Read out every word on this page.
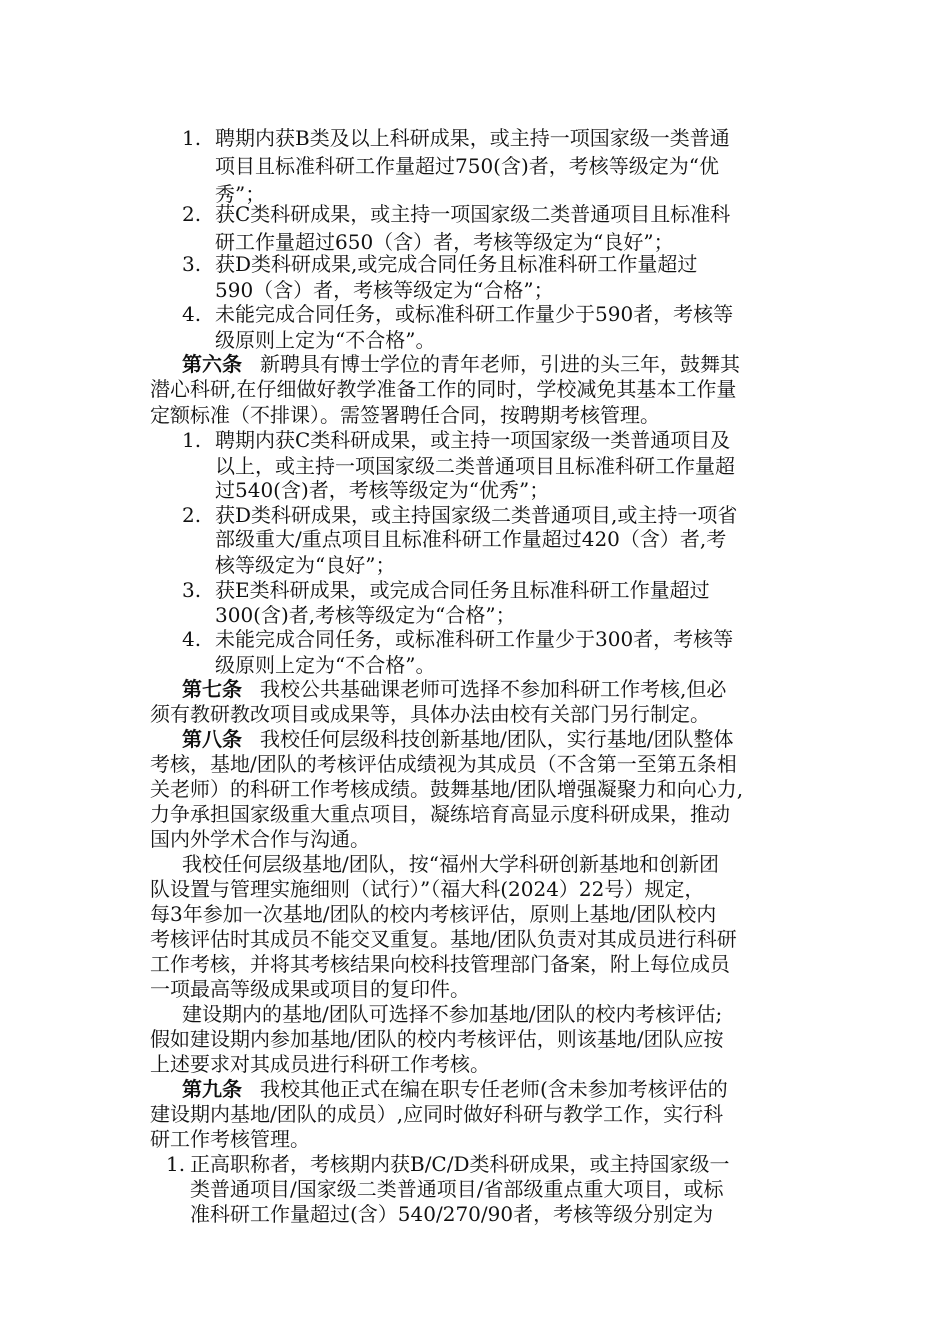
1. 聘期内获B类及以上科研成果，或主持一项国家级一类普通
项目且标准科研工作量超过750(含)者，考核等级定为“优
秀”；
2. 获C类科研成果，或主持一项国家级二类普通项目且标准科
研工作量超过650（含）者，考核等级定为“良好”；
3. 获D类科研成果,或完成合同任务且标准科研工作量超过
590（含）者，考核等级定为“合格”；
4. 未能完成合同任务，或标准科研工作量少于590者，考核等
级原则上定为“不合格”。
第六条 新聘具有博士学位的青年老师，引进的头三年，鼓舞其
潜心科研,在仔细做好教学准备工作的同时，学校减免其基本工作量
定额标准（不排课）。需签署聘任合同，按聘期考核管理。
1. 聘期内获C类科研成果，或主持一项国家级一类普通项目及
以上，或主持一项国家级二类普通项目且标准科研工作量超
过540(含)者，考核等级定为“优秀”；
2. 获D类科研成果，或主持国家级二类普通项目,或主持一项省
部级重大/重点项目且标准科研工作量超过420（含）者,考
核等级定为“良好”；
3. 获E类科研成果，或完成合同任务且标准科研工作量超过
300(含)者,考核等级定为“合格”；
4. 未能完成合同任务，或标准科研工作量少于300者，考核等
级原则上定为“不合格”。
第七条 我校公共基础课老师可选择不参加科研工作考核,但必
须有教研教改项目或成果等，具体办法由校有关部门另行制定。
第八条 我校任何层级科技创新基地/团队，实行基地/团队整体
考核，基地/团队的考核评估成绩视为其成员（不含第一至第五条相
关老师）的科研工作考核成绩。鼓舞基地/团队增强凝聚力和向心力,
力争承担国家级重大重点项目，凝练培育高显示度科研成果，推动
国内外学术合作与沟通。
我校任何层级基地/团队，按“福州大学科研创新基地和创新团
队设置与管理实施细则（试行）”（福大科(2024）22号）规定，
每3年参加一次基地/团队的校内考核评估，原则上基地/团队校内
考核评估时其成员不能交叉重复。基地/团队负责对其成员进行科研
工作考核，并将其考核结果向校科技管理部门备案，附上每位成员
一项最高等级成果或项目的复印件。
建设期内的基地/团队可选择不参加基地/团队的校内考核评估;
假如建设期内参加基地/团队的校内考核评估，则该基地/团队应按
上述要求对其成员进行科研工作考核。
第九条 我校其他正式在编在职专任老师(含未参加考核评估的
建设期内基地/团队的成员）,应同时做好科研与教学工作，实行科
研工作考核管理。
1. 正高职称者，考核期内获B/C/D类科研成果，或主持国家级一
类普通项目/国家级二类普通项目/省部级重点重大项目，或标
准科研工作量超过(含）540/270/90者，考核等级分别定为
